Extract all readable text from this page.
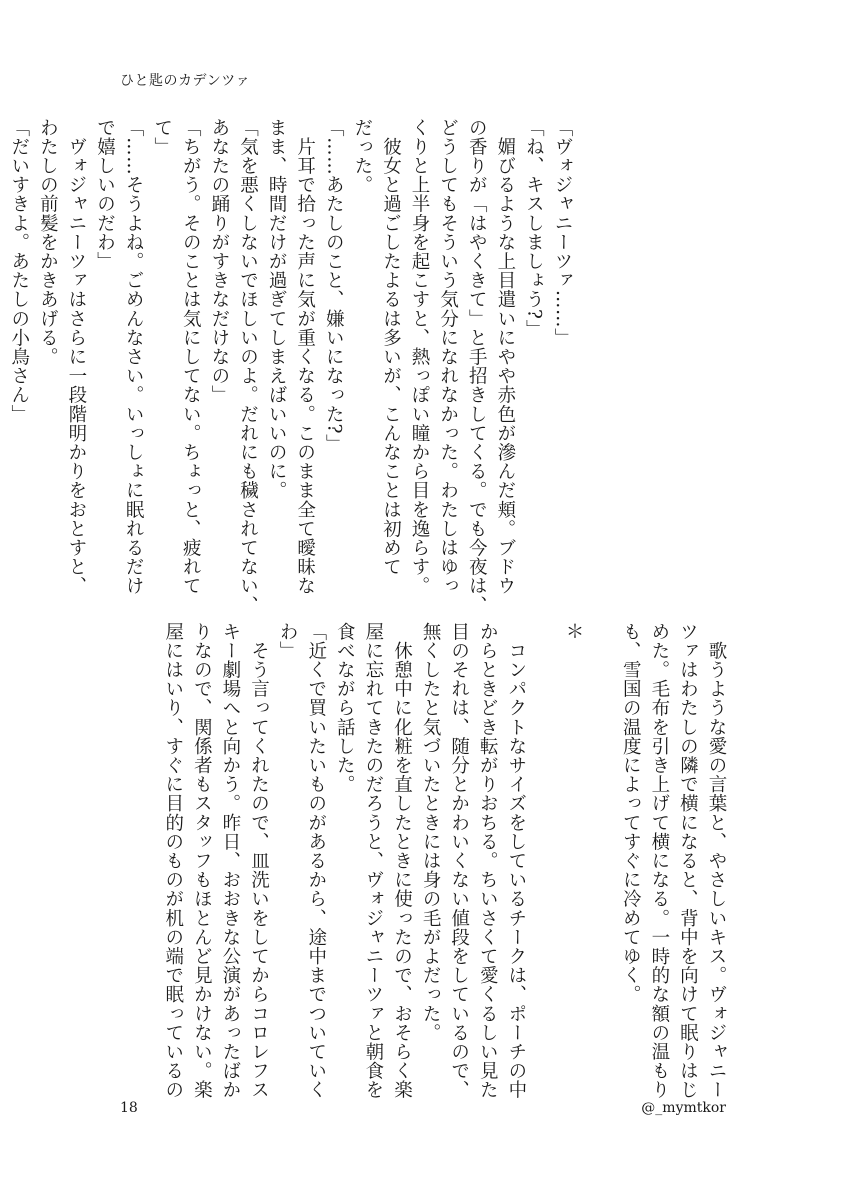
ひと匙のカデンツァ

「ヴォジャニーツァ……」

「ね、キスしましょう?」

　媚びるような上目遣いにやや赤色が滲んだ頬。ブドウ

の香りが「はやくきて」と手招きしてくる。でも今夜は、

どうしてもそういう気分になれなかった。わたしはゆっ

くりと上半身を起こすと、熱っぽい瞳から目を逸らす。

　彼女と過ごしたよるは多いが、こんなことは初めて

だった。

「……あたしのこと、嫌いになった?」

　片耳で拾った声に気が重くなる。このまま全て曖昧な

まま、時間だけが過ぎてしまえばいいのに。

「気を悪くしないでほしいのよ。だれにも穢されてない、

あなたの踊りがすきなだけなの」

「ちがう。そのことは気にしてない。ちょっと、疲れて

て」

「……そうよね。ごめんなさい。いっしょに眠れるだけ

で嬉しいのだわ」

　ヴォジャニーツァはさらに一段階明かりをおとすと、

わたしの前髪をかきあげる。

「だいすきよ。あたしの小鳥さん」

　歌うような愛の言葉と、やさしいキス。ヴォジャニー

ツァはわたしの隣で横になると、背中を向けて眠りはじ

めた。毛布を引き上げて横になる。一時的な額の温もり

も、雪国の温度によってすぐに冷めてゆく。

＊

　コンパクトなサイズをしているチークは、ポーチの中

からときどき転がりおちる。ちいさくて愛くるしい見た

目のそれは、随分とかわいくない値段をしているので、

無くしたと気づいたときには身の毛がよだった。

　休憩中に化粧を直したときに使ったので、おそらく楽

屋に忘れてきたのだろうと、ヴォジャニーツァと朝食を

食べながら話した。

「近くで買いたいものがあるから、途中までついていく

わ」

　そう言ってくれたので、皿洗いをしてからコロレフス

キー劇場へと向かう。昨日、おおきな公演があったばか

りなので、関係者もスタッフもほとんど見かけない。楽

屋にはいり、すぐに目的のものが机の端で眠っているの

18	@_mymtkor
